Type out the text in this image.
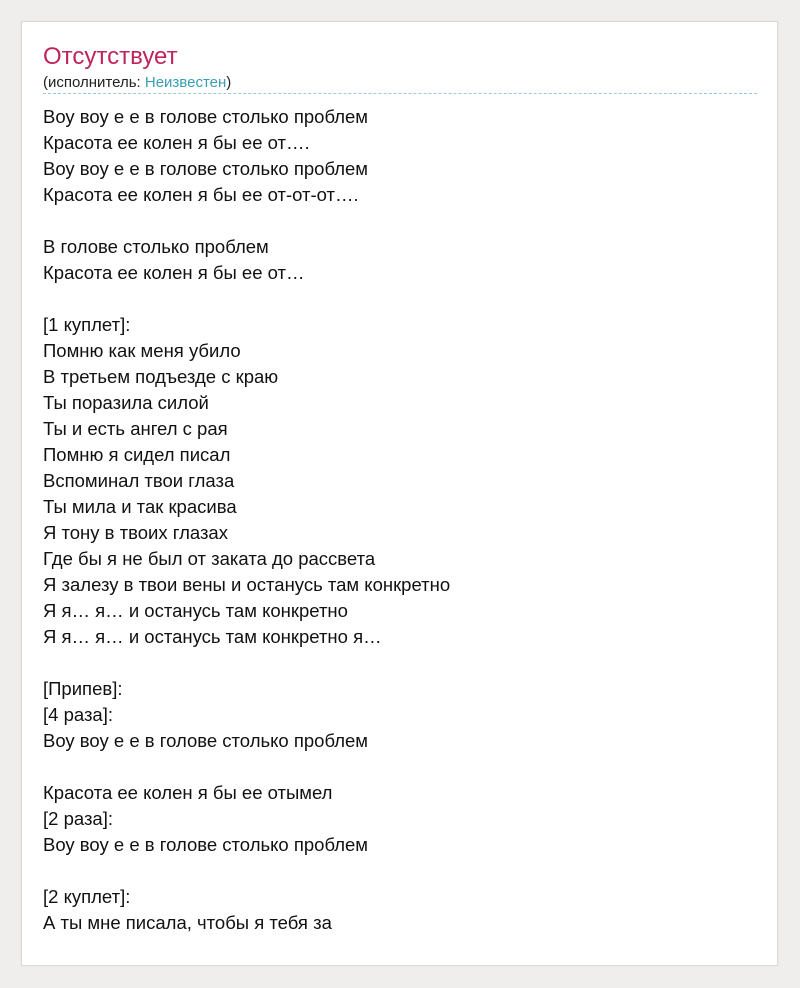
Отсутствует
(исполнитель: Неизвестен)
Воу воу е е в голове столько проблем
Красота ее колен я бы ее от….
Воу воу е е в голове столько проблем
Красота ее колен я бы ее от-от-от….
В голове столько проблем
Красота ее колен я бы ее от…
[1 куплет]:
Помню как меня убило
В третьем подъезде с краю
Ты поразила силой
Ты и есть ангел с рая
Помню я сидел писал
Вспоминал твои глаза
Ты мила и так красива
Я тону в твоих глазах
Где бы я не был от заката до рассвета
Я залезу в твои вены и останусь там конкретно
Я я… я… и останусь там конкретно
Я я… я… и останусь там конкретно я…
[Припев]:
[4 раза]:
Воу воу е е в голове столько проблем
Красота ее колен я бы ее отымел
[2 раза]:
Воу воу е е в голове столько проблем
[2 куплет]:
А ты мне писала, чтобы я тебя за
